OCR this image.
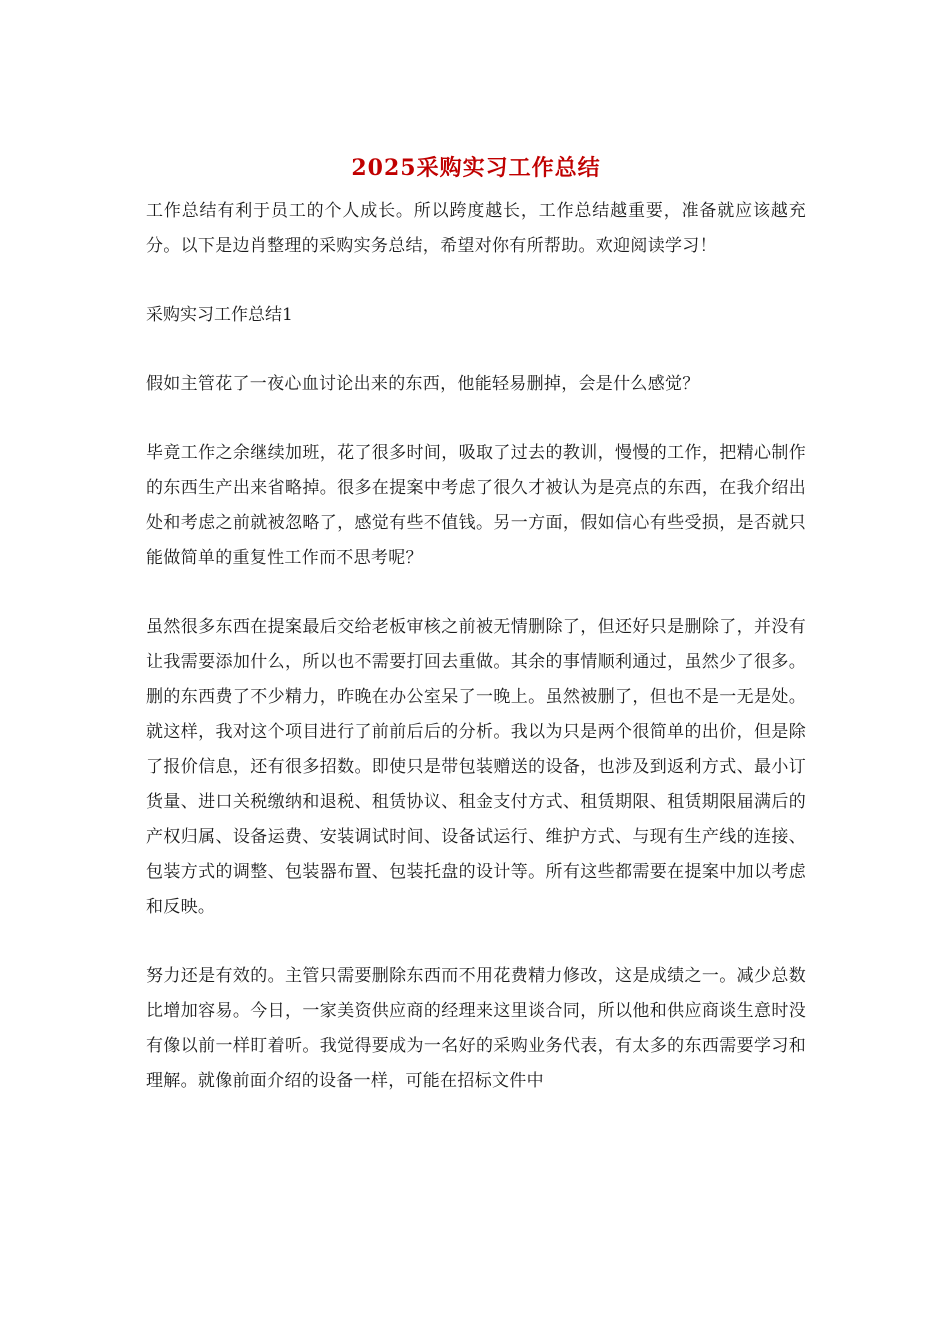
2025采购实习工作总结

工作总结有利于员工的个人成长。所以跨度越长，工作总结越重要，准备就应该越充分。以下是边肖整理的采购实务总结，希望对你有所帮助。欢迎阅读学习！

采购实习工作总结1

假如主管花了一夜心血讨论出来的东西，他能轻易删掉，会是什么感觉？

毕竟工作之余继续加班，花了很多时间，吸取了过去的教训，慢慢的工作，把精心制作的东西生产出来省略掉。很多在提案中考虑了很久才被认为是亮点的东西，在我介绍出处和考虑之前就被忽略了，感觉有些不值钱。另一方面，假如信心有些受损，是否就只能做简单的重复性工作而不思考呢？

虽然很多东西在提案最后交给老板审核之前被无情删除了，但还好只是删除了，并没有让我需要添加什么，所以也不需要打回去重做。其余的事情顺利通过，虽然少了很多。删的东西费了不少精力，昨晚在办公室呆了一晚上。虽然被删了，但也不是一无是处。就这样，我对这个项目进行了前前后后的分析。我以为只是两个很简单的出价，但是除了报价信息，还有很多招数。即使只是带包装赠送的设备，也涉及到返利方式、最小订货量、进口关税缴纳和退税、租赁协议、租金支付方式、租赁期限、租赁期限届满后的产权归属、设备运费、安装调试时间、设备试运行、维护方式、与现有生产线的连接、包装方式的调整、包装器布置、包装托盘的设计等。所有这些都需要在提案中加以考虑和反映。

努力还是有效的。主管只需要删除东西而不用花费精力修改，这是成绩之一。减少总数比增加容易。今日，一家美资供应商的经理来这里谈合同，所以他和供应商谈生意时没有像以前一样盯着听。我觉得要成为一名好的采购业务代表，有太多的东西需要学习和理解。就像前面介绍的设备一样，可能在招标文件中
